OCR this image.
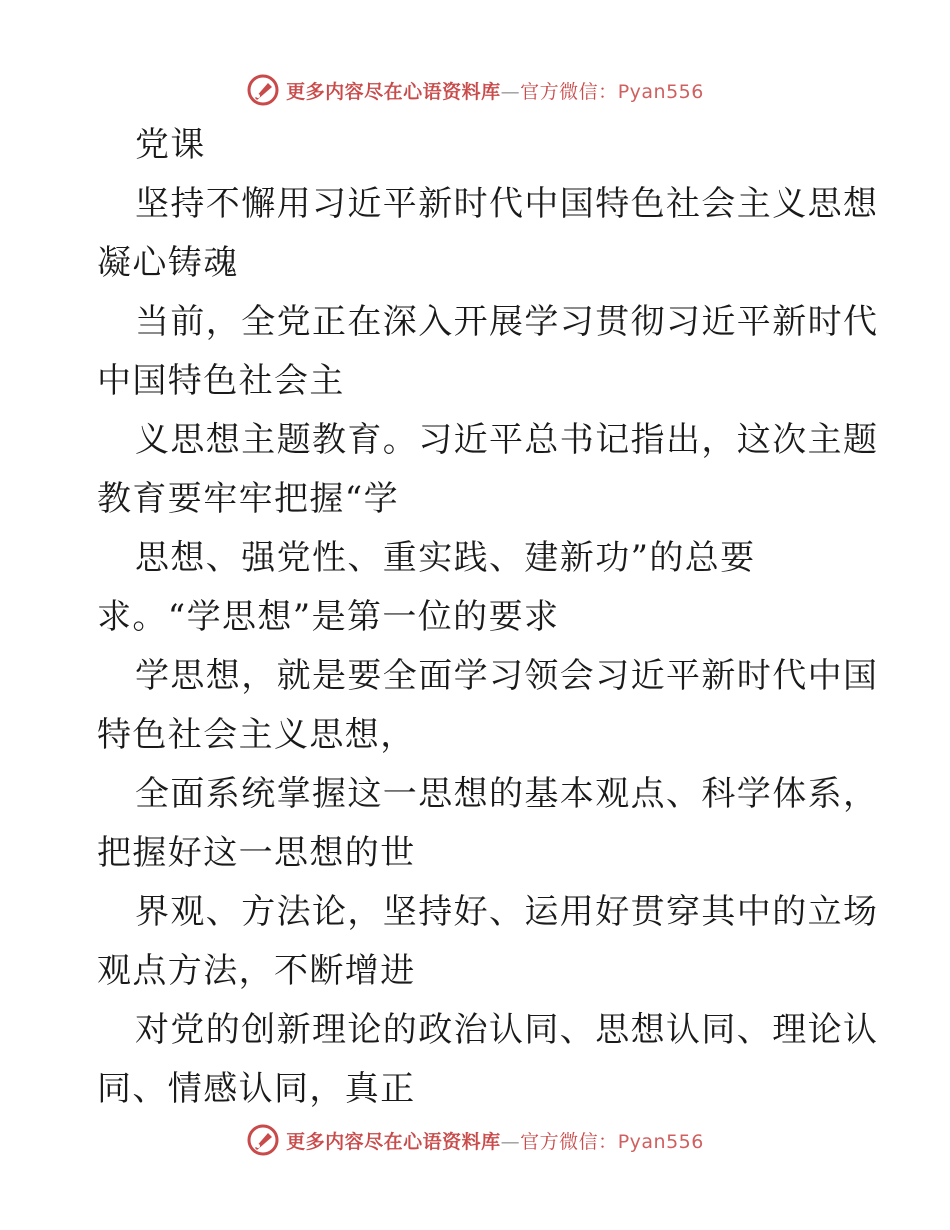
更多内容尽在心语资料库—官方微信：Pyan556
党课
坚持不懈用习近平新时代中国特色社会主义思想
凝心铸魂
当前，全党正在深入开展学习贯彻习近平新时代
中国特色社会主
义思想主题教育。习近平总书记指出，这次主题
教育要牢牢把握“学
思想、强党性、重实践、建新功”的总要
求。“学思想”是第一位的要求
学思想，就是要全面学习领会习近平新时代中国
特色社会主义思想，
全面系统掌握这一思想的基本观点、科学体系，
把握好这一思想的世
界观、方法论，坚持好、运用好贯穿其中的立场
观点方法，不断增进
对党的创新理论的政治认同、思想认同、理论认
同、情感认同，真正
更多内容尽在心语资料库—官方微信：Pyan556
